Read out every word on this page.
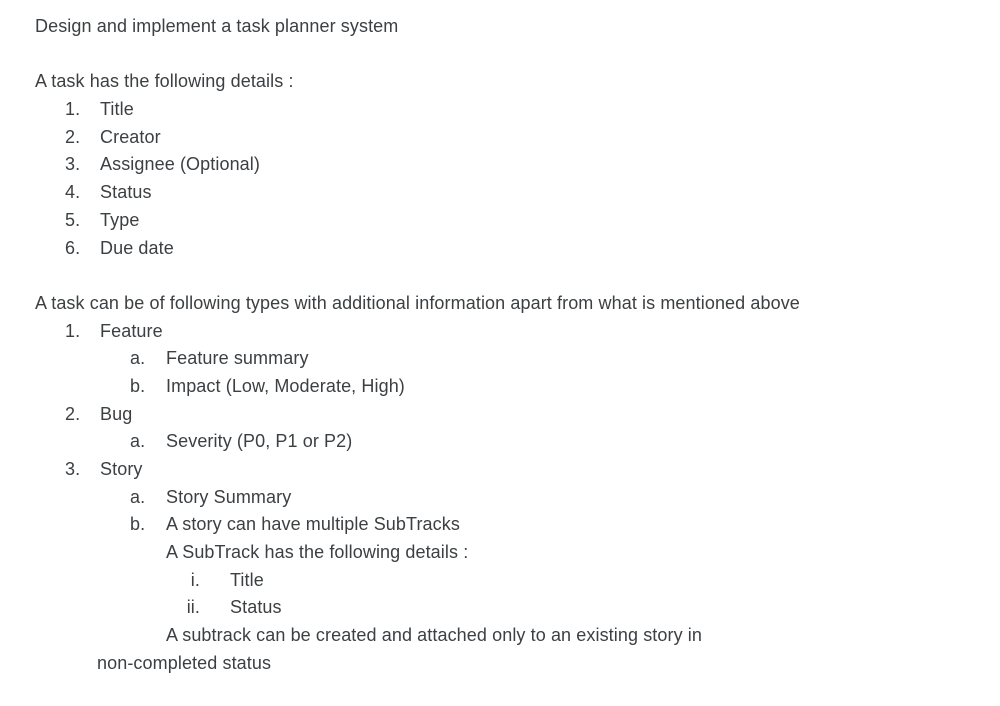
Design and implement a task planner system
A task has the following details :
1. Title
2. Creator
3. Assignee (Optional)
4. Status
5. Type
6. Due date
A task can be of following types with additional information apart from what is mentioned above
1. Feature
a. Feature summary
b. Impact (Low, Moderate, High)
2. Bug
a. Severity (P0, P1 or P2)
3. Story
a. Story Summary
b. A story can have multiple SubTracks
A SubTrack has the following details :
i. Title
ii. Status
A subtrack can be created and attached only to an existing story in
non-completed status
